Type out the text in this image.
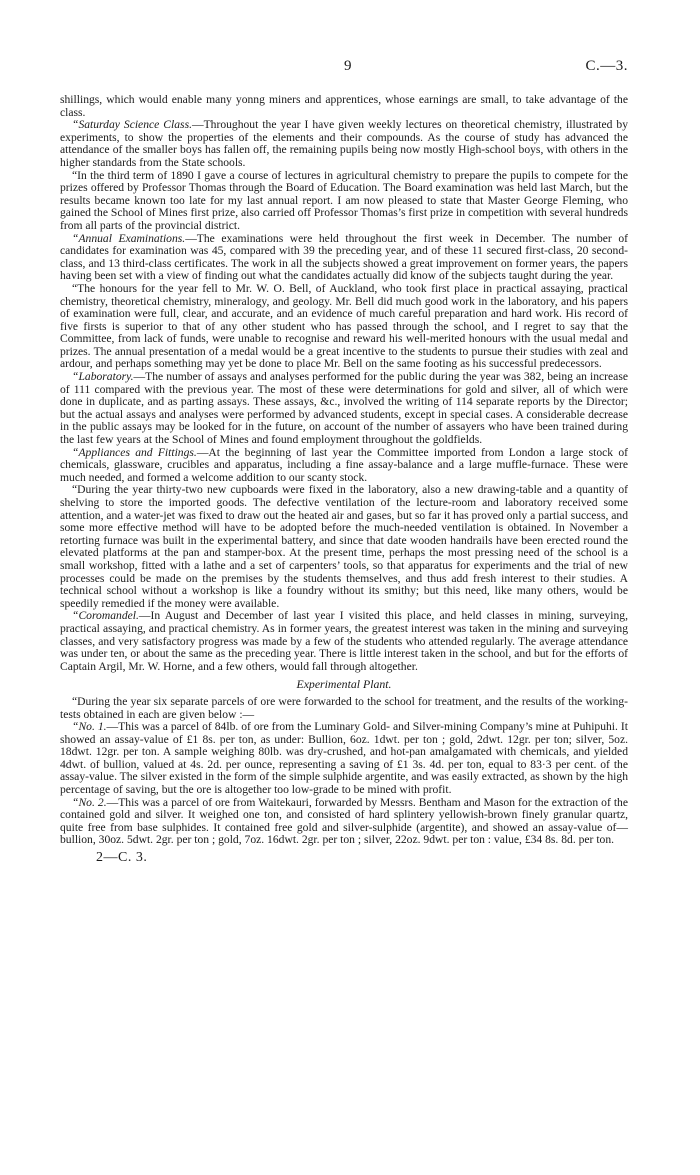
9	C.—3.

shillings, which would enable many yonng miners and apprentices, whose earnings are small, to take advantage of the class.

“Saturday Science Class.—Throughout the year I have given weekly lectures on theoretical chemistry, illustrated by experiments, to show the properties of the elements and their compounds. As the course of study has advanced the attendance of the smaller boys has fallen off, the remaining pupils being now mostly High-school boys, with others in the higher standards from the State schools.

“In the third term of 1890 I gave a course of lectures in agricultural chemistry to prepare the pupils to compete for the prizes offered by Professor Thomas through the Board of Education. The Board examination was held last March, but the results became known too late for my last annual report. I am now pleased to state that Master George Fleming, who gained the School of Mines first prize, also carried off Professor Thomas’s first prize in competition with several hundreds from all parts of the provincial district.

“Annual Examinations.—The examinations were held throughout the first week in December. The number of candidates for examination was 45, compared with 39 the preceding year, and of these 11 secured first-class, 20 second-class, and 13 third-class certificates. The work in all the subjects showed a great improvement on former years, the papers having been set with a view of finding out what the candidates actually did know of the subjects taught during the year.

“The honours for the year fell to Mr. W. O. Bell, of Auckland, who took first place in practical assaying, practical chemistry, theoretical chemistry, mineralogy, and geology. Mr. Bell did much good work in the laboratory, and his papers of examination were full, clear, and accurate, and an evidence of much careful preparation and hard work. His record of five firsts is superior to that of any other student who has passed through the school, and I regret to say that the Committee, from lack of funds, were unable to recognise and reward his well-merited honours with the usual medal and prizes. The annual presentation of a medal would be a great incentive to the students to pursue their studies with zeal and ardour, and perhaps something may yet be done to place Mr. Bell on the same footing as his successful predecessors.

“Laboratory.—The number of assays and analyses performed for the public during the year was 382, being an increase of 111 compared with the previous year. The most of these were determinations for gold and silver, all of which were done in duplicate, and as parting assays. These assays, &c., involved the writing of 114 separate reports by the Director; but the actual assays and analyses were performed by advanced students, except in special cases. A considerable decrease in the public assays may be looked for in the future, on account of the number of assayers who have been trained during the last few years at the School of Mines and found employment throughout the goldfields.

“Appliances and Fittings.—At the beginning of last year the Committee imported from London a large stock of chemicals, glassware, crucibles and apparatus, including a fine assay-balance and a large muffle-furnace. These were much needed, and formed a welcome addition to our scanty stock.

“During the year thirty-two new cupboards were fixed in the laboratory, also a new drawing-table and a quantity of shelving to store the imported goods. The defective ventilation of the lecture-room and laboratory received some attention, and a water-jet was fixed to draw out the heated air and gases, but so far it has proved only a partial success, and some more effective method will have to be adopted before the much-needed ventilation is obtained. In November a retorting furnace was built in the experimental battery, and since that date wooden handrails have been erected round the elevated platforms at the pan and stamper-box. At the present time, perhaps the most pressing need of the school is a small workshop, fitted with a lathe and a set of carpenters’ tools, so that apparatus for experiments and the trial of new processes could be made on the premises by the students themselves, and thus add fresh interest to their studies. A technical school without a workshop is like a foundry without its smithy; but this need, like many others, would be speedily remedied if the money were available.

“Coromandel.—In August and December of last year I visited this place, and held classes in mining, surveying, practical assaying, and practical chemistry. As in former years, the greatest interest was taken in the mining and surveying classes, and very satisfactory progress was made by a few of the students who attended regularly. The average attendance was under ten, or about the same as the preceding year. There is little interest taken in the school, and but for the efforts of Captain Argil, Mr. W. Horne, and a few others, would fall through altogether.

Experimental Plant.

“During the year six separate parcels of ore were forwarded to the school for treatment, and the results of the working-tests obtained in each are given below :—

“No. 1.—This was a parcel of 84lb. of ore from the Luminary Gold- and Silver-mining Company’s mine at Puhipuhi. It showed an assay-value of £1 8s. per ton, as under: Bullion, 6oz. 1dwt. per ton ; gold, 2dwt. 12gr. per ton; silver, 5oz. 18dwt. 12gr. per ton. A sample weighing 80lb. was dry-crushed, and hot-pan amalgamated with chemicals, and yielded 4dwt. of bullion, valued at 4s. 2d. per ounce, representing a saving of £1 3s. 4d. per ton, equal to 83·3 per cent. of the assay-value. The silver existed in the form of the simple sulphide argentite, and was easily extracted, as shown by the high percentage of saving, but the ore is altogether too low-grade to be mined with profit.

“No. 2.—This was a parcel of ore from Waitekauri, forwarded by Messrs. Bentham and Mason for the extraction of the contained gold and silver. It weighed one ton, and consisted of hard splintery yellowish-brown finely granular quartz, quite free from base sulphides. It contained free gold and silver-sulphide (argentite), and showed an assay-value of—bullion, 30oz. 5dwt. 2gr. per ton ; gold, 7oz. 16dwt. 2gr. per ton ; silver, 22oz. 9dwt. per ton : value, £34 8s. 8d. per ton.

2—C. 3.
